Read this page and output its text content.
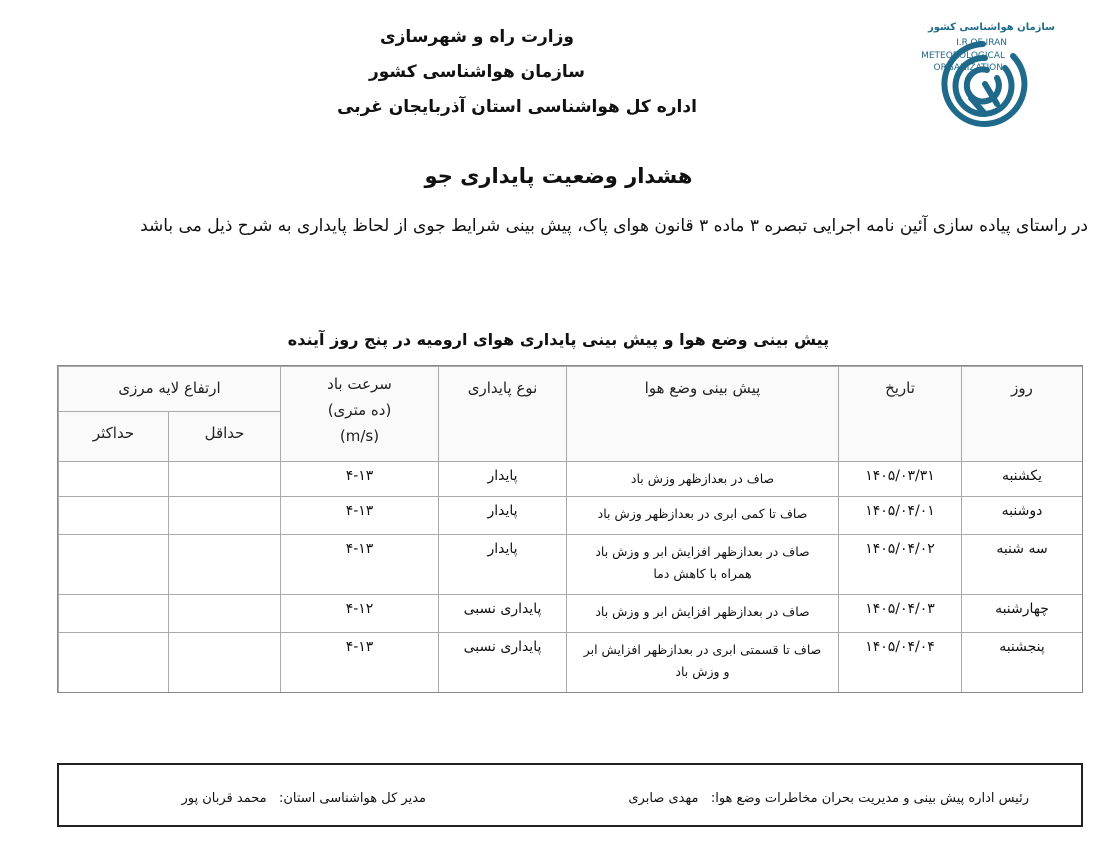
وزارت راه و شهرسازی
سازمان هواشناسی کشور
اداره کل هواشناسی استان آذربایجان غربی
سازمان هواشناسی کشور
I.R.OF IRAN
METEOROLOGICAL
ORGANIZATION
هشدار وضعیت پایداری جو
در راستای پیاده سازی آئین نامه اجرایی تبصره ۳ ماده ۳ قانون هوای پاک، پیش بینی شرایط جوی از لحاظ پایداری به شرح ذیل می باشد
پیش بینی وضع هوا و پیش بینی پایداری هوای ارومیه در پنج روز آینده
روز
تاریخ
پیش بینی وضع هوا
نوع پایداری
سرعت باد
(ده متری)
(m/s)
ارتفاع لایه مرزی
حداقل
حداکثر
یکشنبه
۱۴۰۵/۰۳/۳۱
صاف در بعدازظهر وزش باد
پایدار
۴-۱۳
دوشنبه
۱۴۰۵/۰۴/۰۱
صاف تا کمی ابری در بعدازظهر وزش باد
پایدار
۴-۱۳
سه شنبه
۱۴۰۵/۰۴/۰۲
صاف در بعدازظهر افزایش ابر و وزش باد
همراه با کاهش دما
پایدار
۴-۱۳
چهارشنبه
۱۴۰۵/۰۴/۰۳
صاف در بعدازظهر افزایش ابر و وزش باد
پایداری نسبی
۴-۱۲
پنجشنبه
۱۴۰۵/۰۴/۰۴
صاف تا قسمتی ابری در بعدازظهر افزایش ابر
و وزش باد
پایداری نسبی
۴-۱۳
رئیس اداره پیش بینی و مدیریت بحران مخاطرات وضع هوا:   مهدی صابری
مدیر کل هواشناسی استان:   محمد قربان پور
